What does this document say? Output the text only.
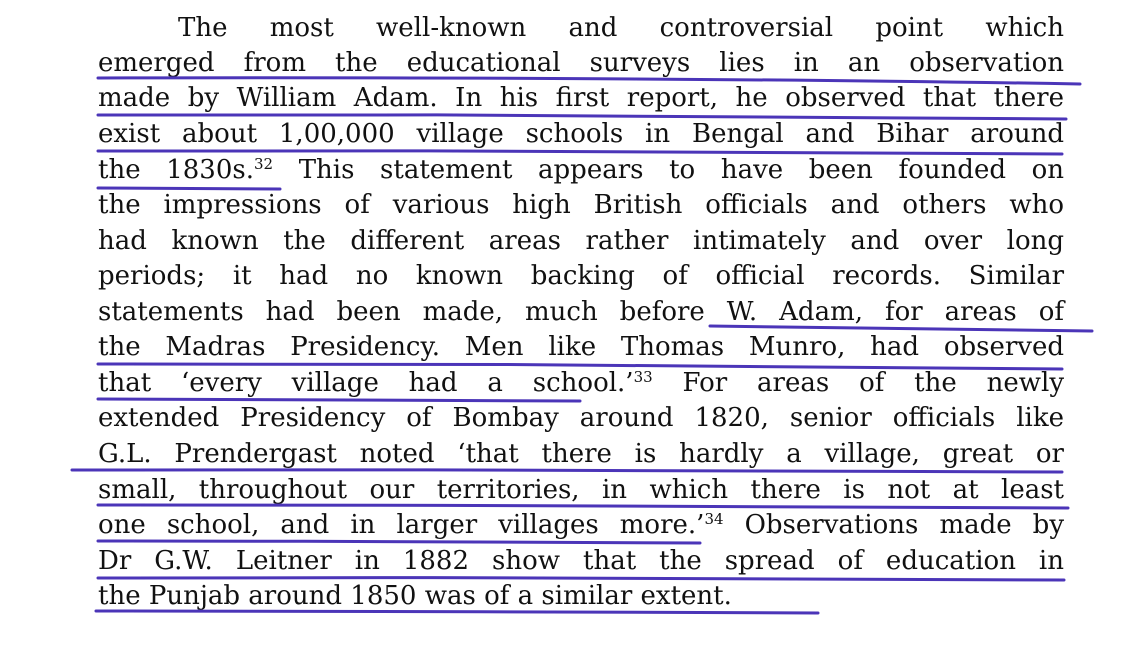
The most well-known and controversial point which

emerged from the educational surveys lies in an observation

made by William Adam. In his first report, he observed that there

exist about 1,00,000 village schools in Bengal and Bihar around

the 1830s.$^{32}$ This statement appears to have been founded on

the impressions of various high British officials and others who

had known the different areas rather intimately and over long

periods; it had no known backing of official records. Similar

statements had been made, much before W. Adam, for areas of

the Madras Presidency. Men like Thomas Munro, had observed

that ‘every village had a school.’$^{33}$ For areas of the newly

extended Presidency of Bombay around 1820, senior officials like

G.L. Prendergast noted ‘that there is hardly a village, great or

small, throughout our territories, in which there is not at least

one school, and in larger villages more.’$^{34}$ Observations made by

Dr G.W. Leitner in 1882 show that the spread of education in

the Punjab around 1850 was of a similar extent.
